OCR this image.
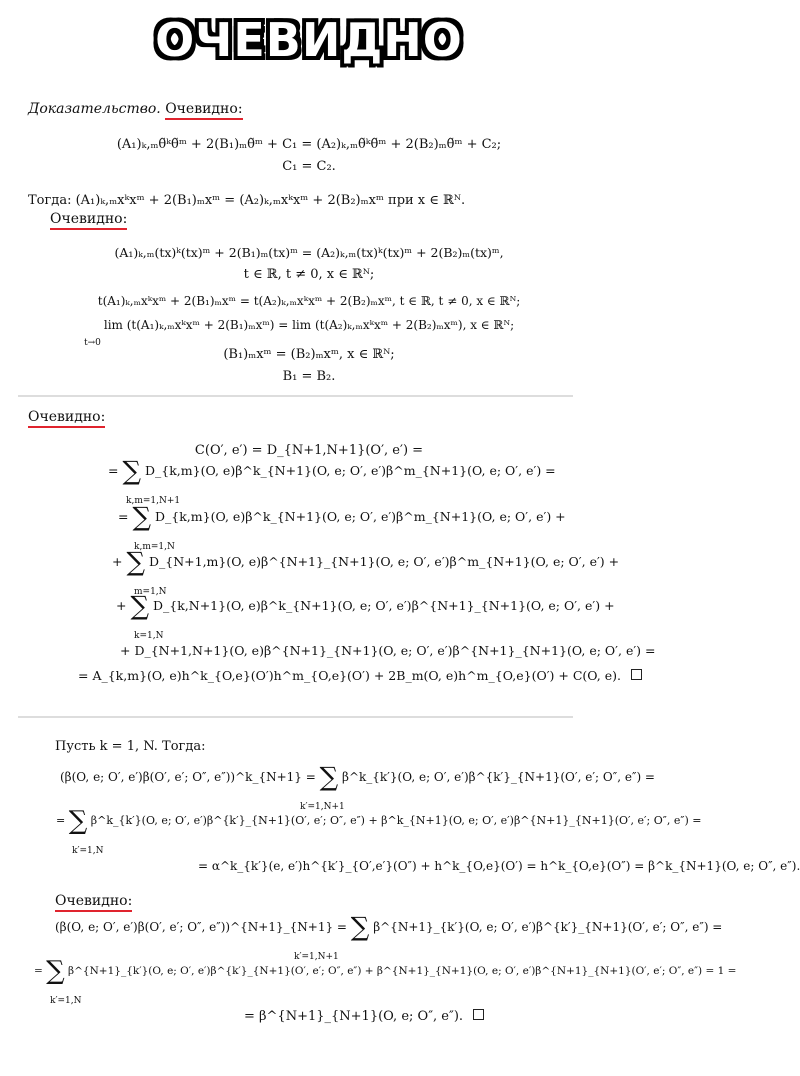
ОЧЕВИДНО
Доказательство. Очевидно:
(A₁)ₖ,ₘθ̃ᵏθ̃ᵐ + 2(B₁)ₘθ̃ᵐ + C₁ = (A₂)ₖ,ₘθ̃ᵏθ̃ᵐ + 2(B₂)ₘθ̃ᵐ + C₂;
C₁ = C₂.
Тогда: (A₁)ₖ,ₘxᵏxᵐ + 2(B₁)ₘxᵐ = (A₂)ₖ,ₘxᵏxᵐ + 2(B₂)ₘxᵐ при x ∈ ℝᴺ.
Очевидно:
(A₁)ₖ,ₘ(tx)ᵏ(tx)ᵐ + 2(B₁)ₘ(tx)ᵐ = (A₂)ₖ,ₘ(tx)ᵏ(tx)ᵐ + 2(B₂)ₘ(tx)ᵐ,
t ∈ ℝ, t ≠ 0, x ∈ ℝᴺ;
t(A₁)ₖ,ₘxᵏxᵐ + 2(B₁)ₘxᵐ = t(A₂)ₖ,ₘxᵏxᵐ + 2(B₂)ₘxᵐ, t ∈ ℝ, t ≠ 0, x ∈ ℝᴺ;
lim (t(A₁)ₖ,ₘxᵏxᵐ + 2(B₁)ₘxᵐ) = lim (t(A₂)ₖ,ₘxᵏxᵐ + 2(B₂)ₘxᵐ), x ∈ ℝᴺ;
t→0
(B₁)ₘxᵐ = (B₂)ₘxᵐ, x ∈ ℝᴺ;
B₁ = B₂.
Очевидно:
C(O′, e′) = D_{N+1,N+1}(O′, e′) =
= ∑ D_{k,m}(O, e)β^k_{N+1}(O, e; O′, e′)β^m_{N+1}(O, e; O′, e′) =
k,m=1,N+1
= ∑ D_{k,m}(O, e)β^k_{N+1}(O, e; O′, e′)β^m_{N+1}(O, e; O′, e′) +
k,m=1,N
+ ∑ D_{N+1,m}(O, e)β^{N+1}_{N+1}(O, e; O′, e′)β^m_{N+1}(O, e; O′, e′) +
m=1,N
+ ∑ D_{k,N+1}(O, e)β^k_{N+1}(O, e; O′, e′)β^{N+1}_{N+1}(O, e; O′, e′) +
k=1,N
+ D_{N+1,N+1}(O, e)β^{N+1}_{N+1}(O, e; O′, e′)β^{N+1}_{N+1}(O, e; O′, e′) =
= A_{k,m}(O, e)h^k_{O,e}(O′)h^m_{O,e}(O′) + 2B_m(O, e)h^m_{O,e}(O′) + C(O, e).
Пусть k = 1, N. Тогда:
(β(O, e; O′, e′)β(O′, e′; O″, e″))^k_{N+1} = ∑ β^k_{k′}(O, e; O′, e′)β^{k′}_{N+1}(O′, e′; O″, e″) =
k′=1,N+1
= ∑ β^k_{k′}(O, e; O′, e′)β^{k′}_{N+1}(O′, e′; O″, e″) + β^k_{N+1}(O, e; O′, e′)β^{N+1}_{N+1}(O′, e′; O″, e″) =
k′=1,N
= α^k_{k′}(e, e′)h^{k′}_{O′,e′}(O″) + h^k_{O,e}(O′) = h^k_{O,e}(O″) = β^k_{N+1}(O, e; O″, e″).
Очевидно:
(β(O, e; O′, e′)β(O′, e′; O″, e″))^{N+1}_{N+1} = ∑ β^{N+1}_{k′}(O, e; O′, e′)β^{k′}_{N+1}(O′, e′; O″, e″) =
k′=1,N+1
= ∑ β^{N+1}_{k′}(O, e; O′, e′)β^{k′}_{N+1}(O′, e′; O″, e″) + β^{N+1}_{N+1}(O, e; O′, e′)β^{N+1}_{N+1}(O′, e′; O″, e″) = 1 =
k′=1,N
= β^{N+1}_{N+1}(O, e; O″, e″).
